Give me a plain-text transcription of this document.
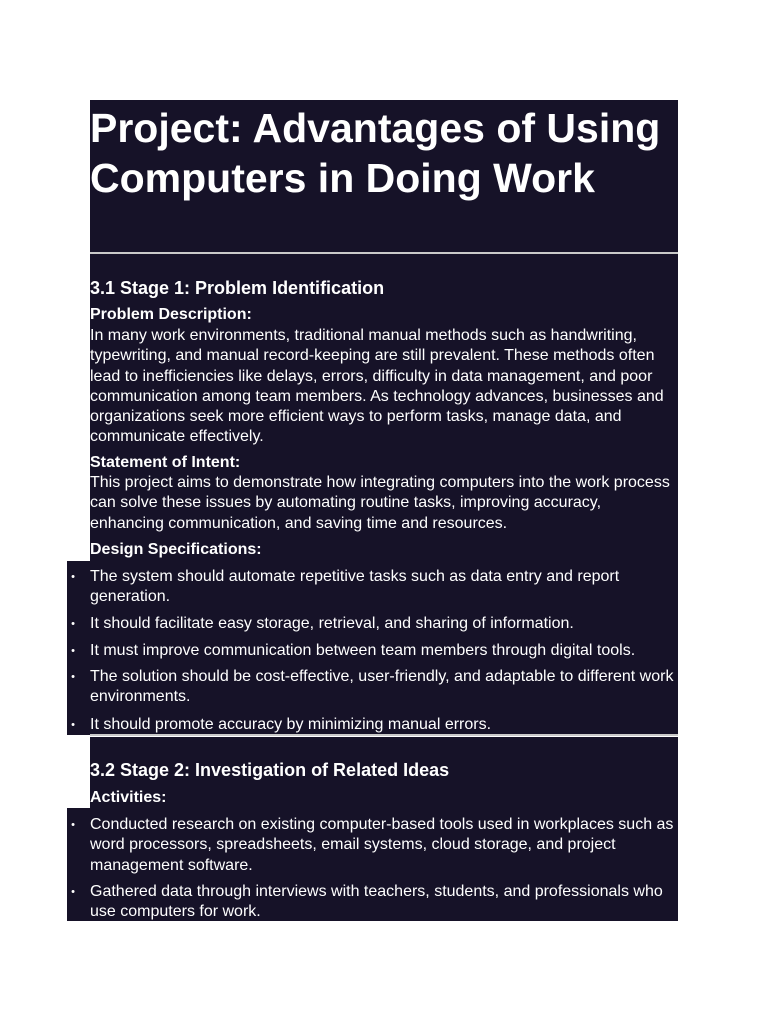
Project: Advantages of Using Computers in Doing Work
3.1 Stage 1: Problem Identification
Problem Description:
In many work environments, traditional manual methods such as handwriting, typewriting, and manual record-keeping are still prevalent. These methods often lead to inefficiencies like delays, errors, difficulty in data management, and poor communication among team members. As technology advances, businesses and organizations seek more efficient ways to perform tasks, manage data, and communicate effectively.
Statement of Intent:
This project aims to demonstrate how integrating computers into the work process can solve these issues by automating routine tasks, improving accuracy, enhancing communication, and saving time and resources.
Design Specifications:
• The system should automate repetitive tasks such as data entry and report generation.
• It should facilitate easy storage, retrieval, and sharing of information.
• It must improve communication between team members through digital tools.
• The solution should be cost-effective, user-friendly, and adaptable to different work environments.
• It should promote accuracy by minimizing manual errors.
3.2 Stage 2: Investigation of Related Ideas
Activities:
• Conducted research on existing computer-based tools used in workplaces such as word processors, spreadsheets, email systems, cloud storage, and project management software.
• Gathered data through interviews with teachers, students, and professionals who use computers for work.
